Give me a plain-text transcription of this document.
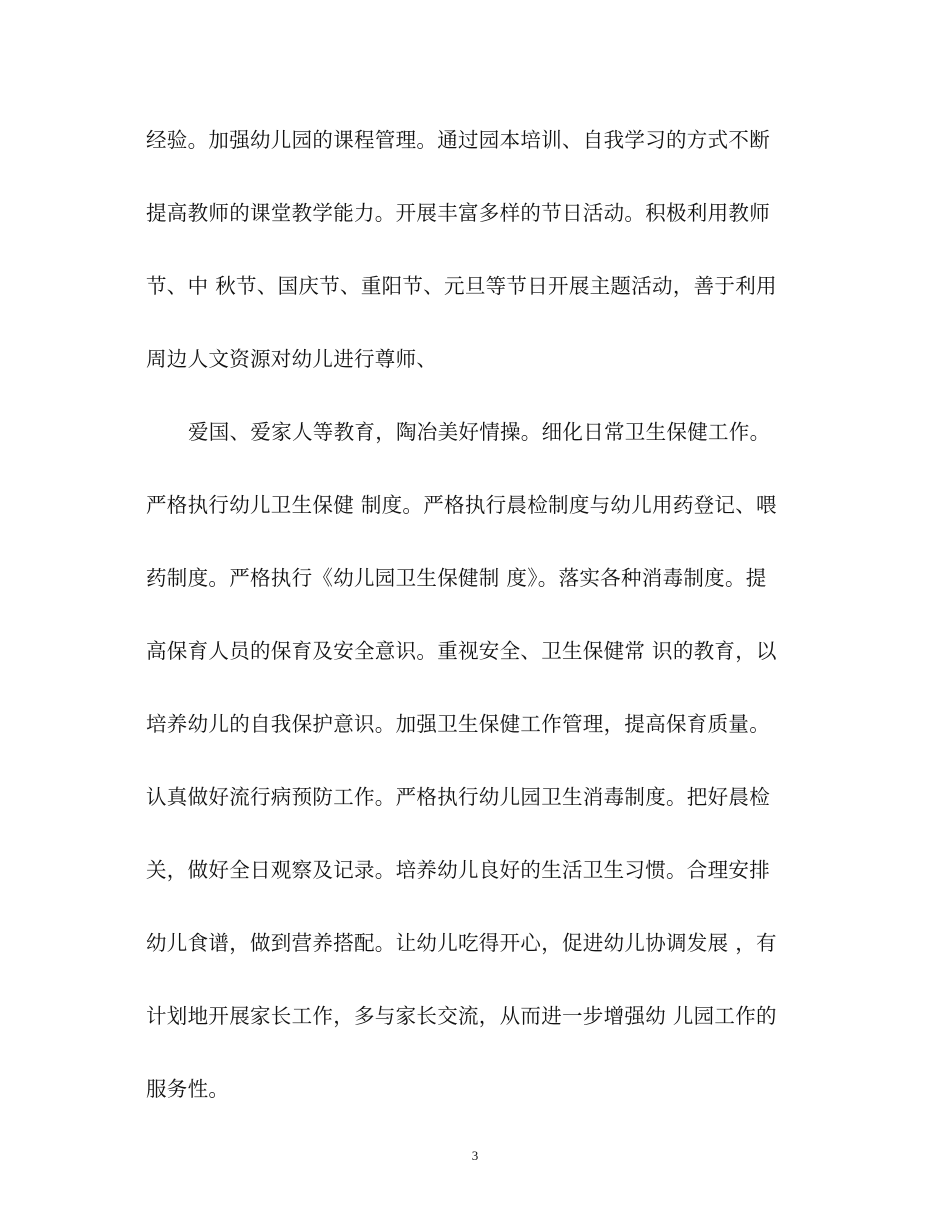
经验。加强幼儿园的课程管理。通过园本培训、自我学习的方式不断
提高教师的课堂教学能力。开展丰富多样的节日活动。积极利用教师
节、中 秋节、国庆节、重阳节、元旦等节日开展主题活动，善于利用
周边人文资源对幼儿进行尊师、
爱国、爱家人等教育，陶冶美好情操。细化日常卫生保健工作。
严格执行幼儿卫生保健 制度。严格执行晨检制度与幼儿用药登记、喂
药制度。严格执行《幼儿园卫生保健制 度》。落实各种消毒制度。提
高保育人员的保育及安全意识。重视安全、卫生保健常 识的教育，以
培养幼儿的自我保护意识。加强卫生保健工作管理，提高保育质量。
认真做好流行病预防工作。严格执行幼儿园卫生消毒制度。把好晨检
关，做好全日观察及记录。培养幼儿良好的生活卫生习惯。合理安排
幼儿食谱，做到营养搭配。让幼儿吃得开心，促进幼儿协调发展 ，有
计划地开展家长工作，多与家长交流，从而进一步增强幼 儿园工作的
服务性。
3
